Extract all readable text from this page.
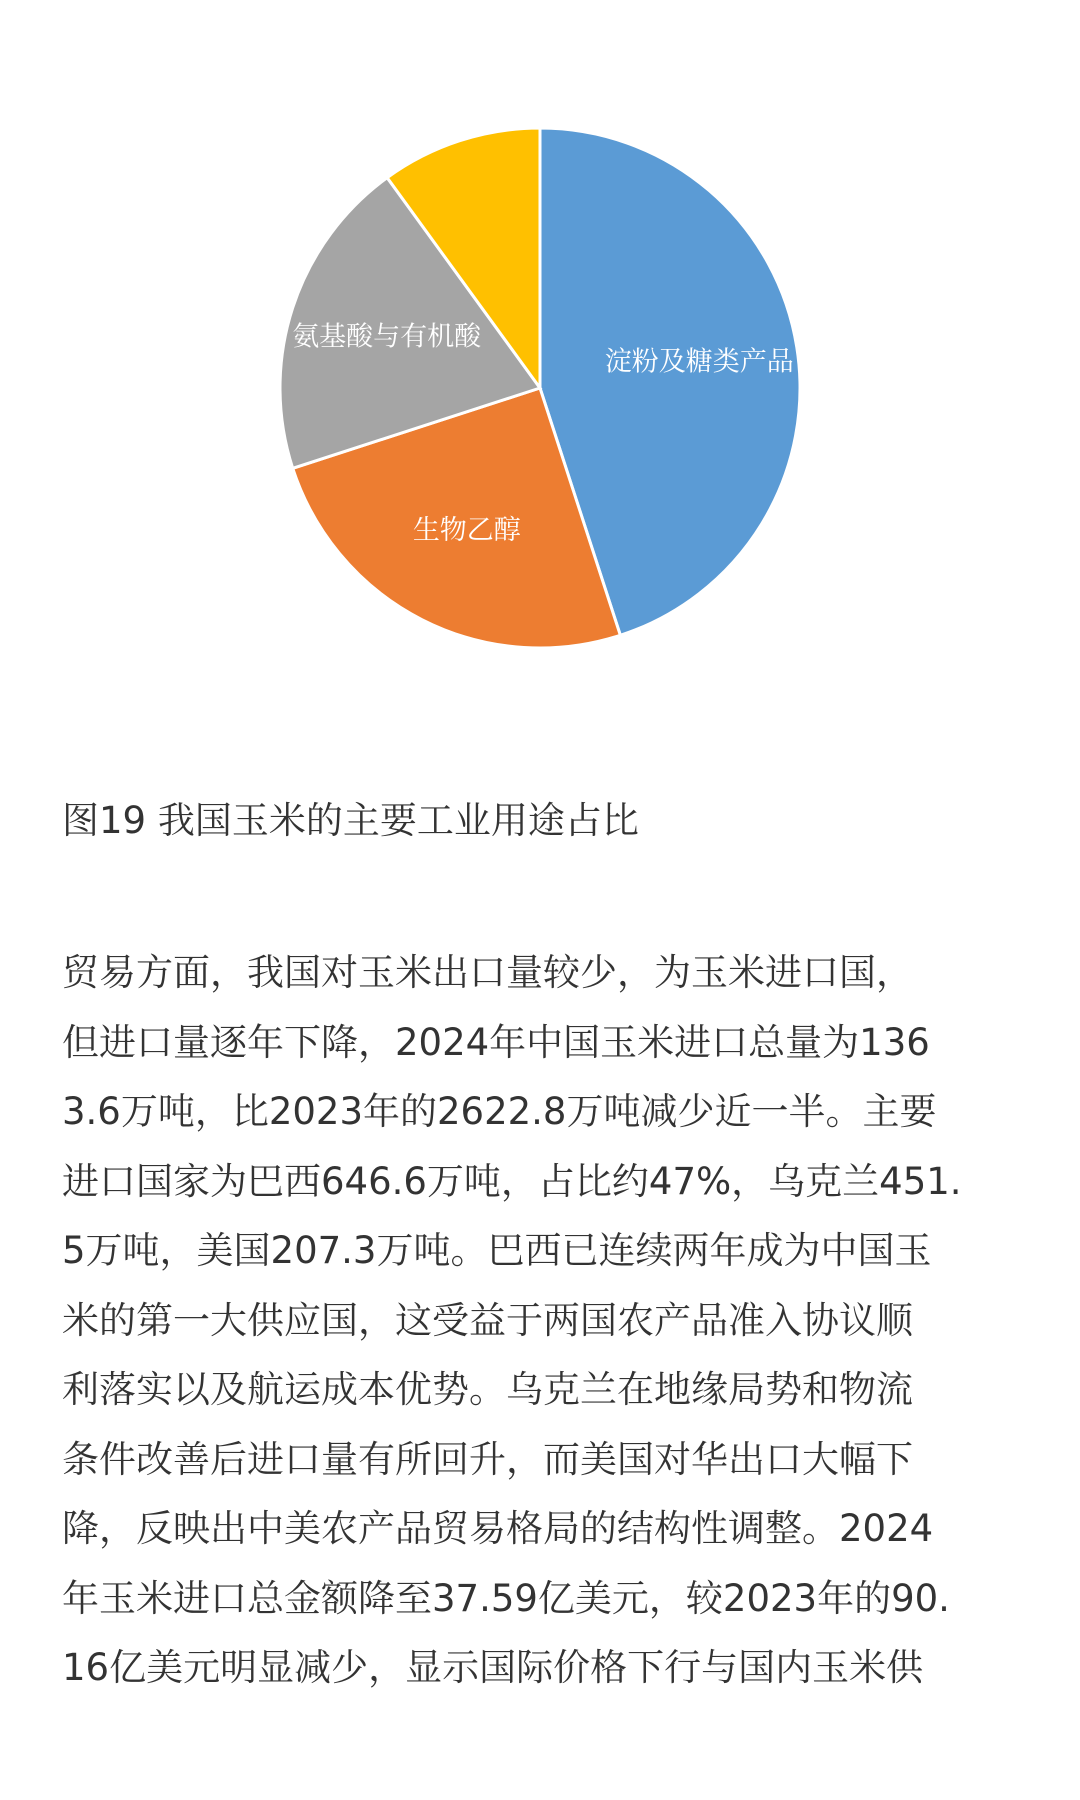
淀粉及糖类产品
生物乙醇
氨基酸与有机酸
图19 我国玉米的主要工业用途占比
贸易方面，我国对玉米出口量较少，为玉米进口国，
但进口量逐年下降，2024年中国玉米进口总量为136
3.6万吨，比2023年的2622.8万吨减少近一半。主要
进口国家为巴西646.6万吨，占比约47%，乌克兰451.
5万吨，美国207.3万吨。巴西已连续两年成为中国玉
米的第一大供应国，这受益于两国农产品准入协议顺
利落实以及航运成本优势。乌克兰在地缘局势和物流
条件改善后进口量有所回升，而美国对华出口大幅下
降，反映出中美农产品贸易格局的结构性调整。2024
年玉米进口总金额降至37.59亿美元，较2023年的90.
16亿美元明显减少，显示国际价格下行与国内玉米供
